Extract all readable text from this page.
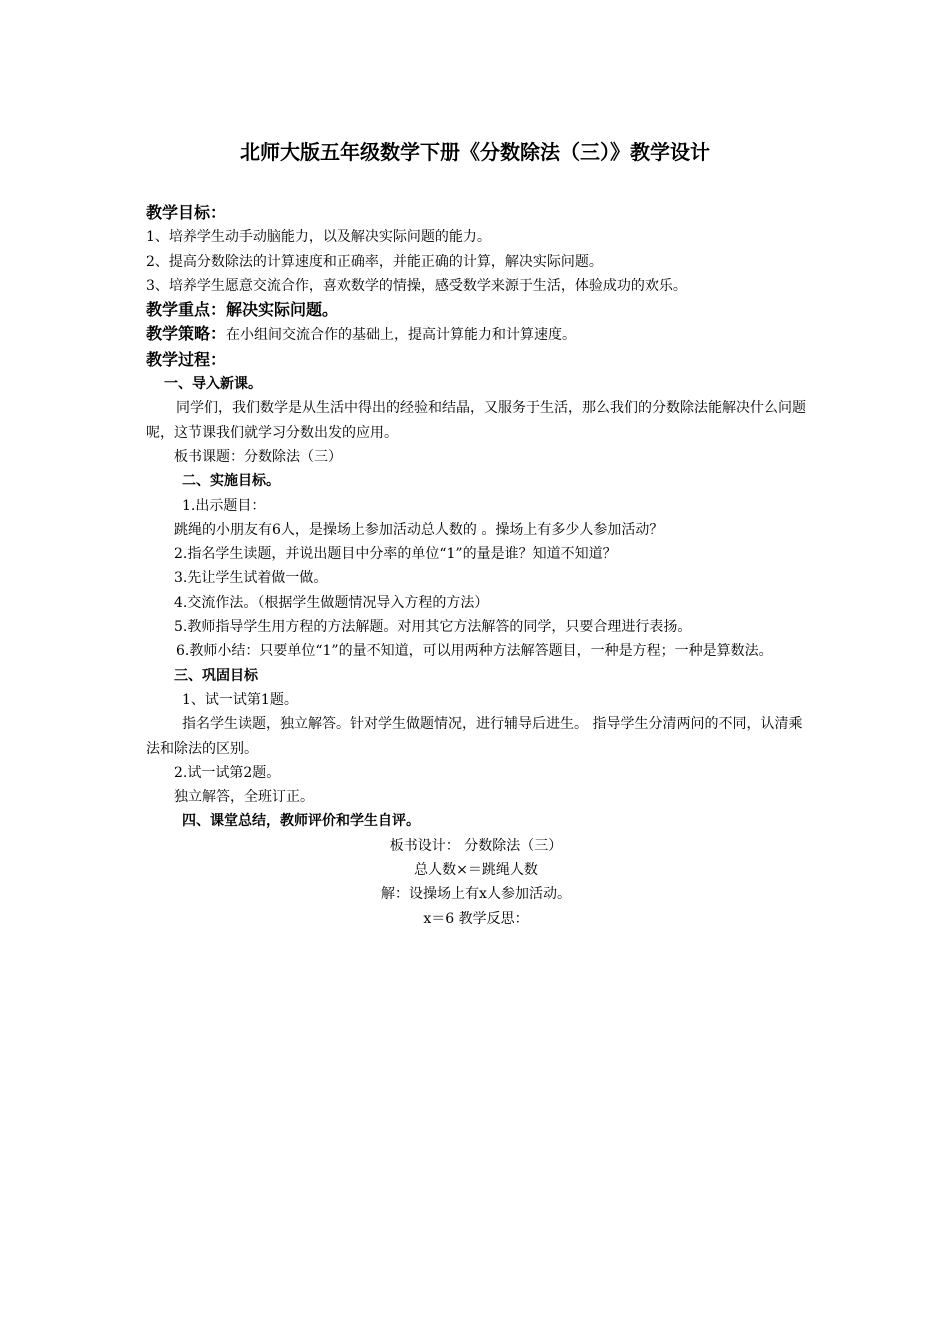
北师大版五年级数学下册《分数除法（三）》教学设计
教学目标：

1、培养学生动手动脑能力，以及解决实际问题的能力。

2、提高分数除法的计算速度和正确率，并能正确的计算，解决实际问题。

3、培养学生愿意交流合作，喜欢数学的情操，感受数学来源于生活，体验成功的欢乐。

教学重点：解决实际问题。

教学策略：在小组间交流合作的基础上，提高计算能力和计算速度。

教学过程：

一、导入新课。

同学们，我们数学是从生活中得出的经验和结晶，又服务于生活，那么我们的分数除法能解决什么问题呢，这节课我们就学习分数出发的应用。

板书课题：分数除法（三）

二、实施目标。

1.出示题目：

跳绳的小朋友有6人，是操场上参加活动总人数的 。操场上有多少人参加活动？

2.指名学生读题，并说出题目中分率的单位“1”的量是谁？知道不知道？

3.先让学生试着做一做。

4.交流作法。（根据学生做题情况导入方程的方法）

5.教师指导学生用方程的方法解题。对用其它方法解答的同学，只要合理进行表扬。

6.教师小结：只要单位“1”的量不知道，可以用两种方法解答题目，一种是方程；一种是算数法。

三、巩固目标

1、试一试第1题。

指名学生读题，独立解答。针对学生做题情况，进行辅导后进生。 指导学生分清两问的不同，认清乘法和除法的区别。

2.试一试第2题。

独立解答，全班订正。

四、课堂总结，教师评价和学生自评。

板书设计： 分数除法（三）

总人数×＝跳绳人数

解：设操场上有x人参加活动。

x＝6 教学反思：
